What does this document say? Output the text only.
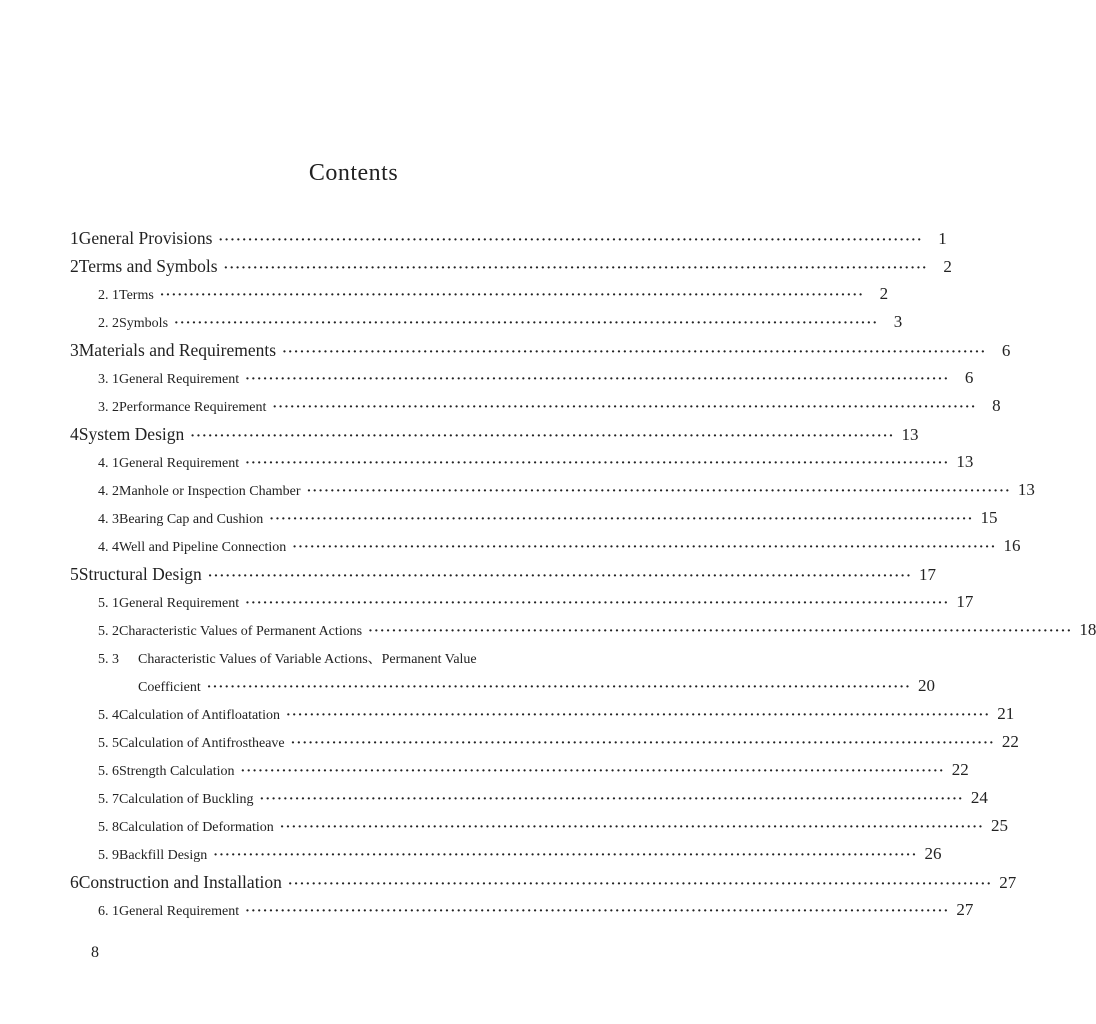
Contents
1 General Provisions ························································································································ 1
2 Terms and Symbols ························································································································ 2
2. 1 Terms ························································································································ 2
2. 2 Symbols ························································································································ 3
3 Materials and Requirements ························································································································ 6
3. 1 General Requirement ························································································································ 6
3. 2 Performance Requirement ························································································································ 8
4 System Design ························································································································ 13
4. 1 General Requirement ························································································································ 13
4. 2 Manhole or Inspection Chamber ························································································································ 13
4. 3 Bearing Cap and Cushion ························································································································ 15
4. 4 Well and Pipeline Connection ························································································································ 16
5 Structural Design ························································································································ 17
5. 1 General Requirement ························································································································ 17
5. 2 Characteristic Values of Permanent Actions ························································································································ 18
5. 3	Characteristic Values of Variable Actions、Permanent Value
Coefficient ························································································································ 20
5. 4 Calculation of Antifloatation ························································································································ 21
5. 5 Calculation of Antifrostheave ························································································································ 22
5. 6 Strength Calculation ························································································································ 22
5. 7 Calculation of Buckling ························································································································ 24
5. 8 Calculation of Deformation ························································································································ 25
5. 9 Backfill Design ························································································································ 26
6 Construction and Installation ························································································································ 27
6. 1 General Requirement ························································································································ 27
8
